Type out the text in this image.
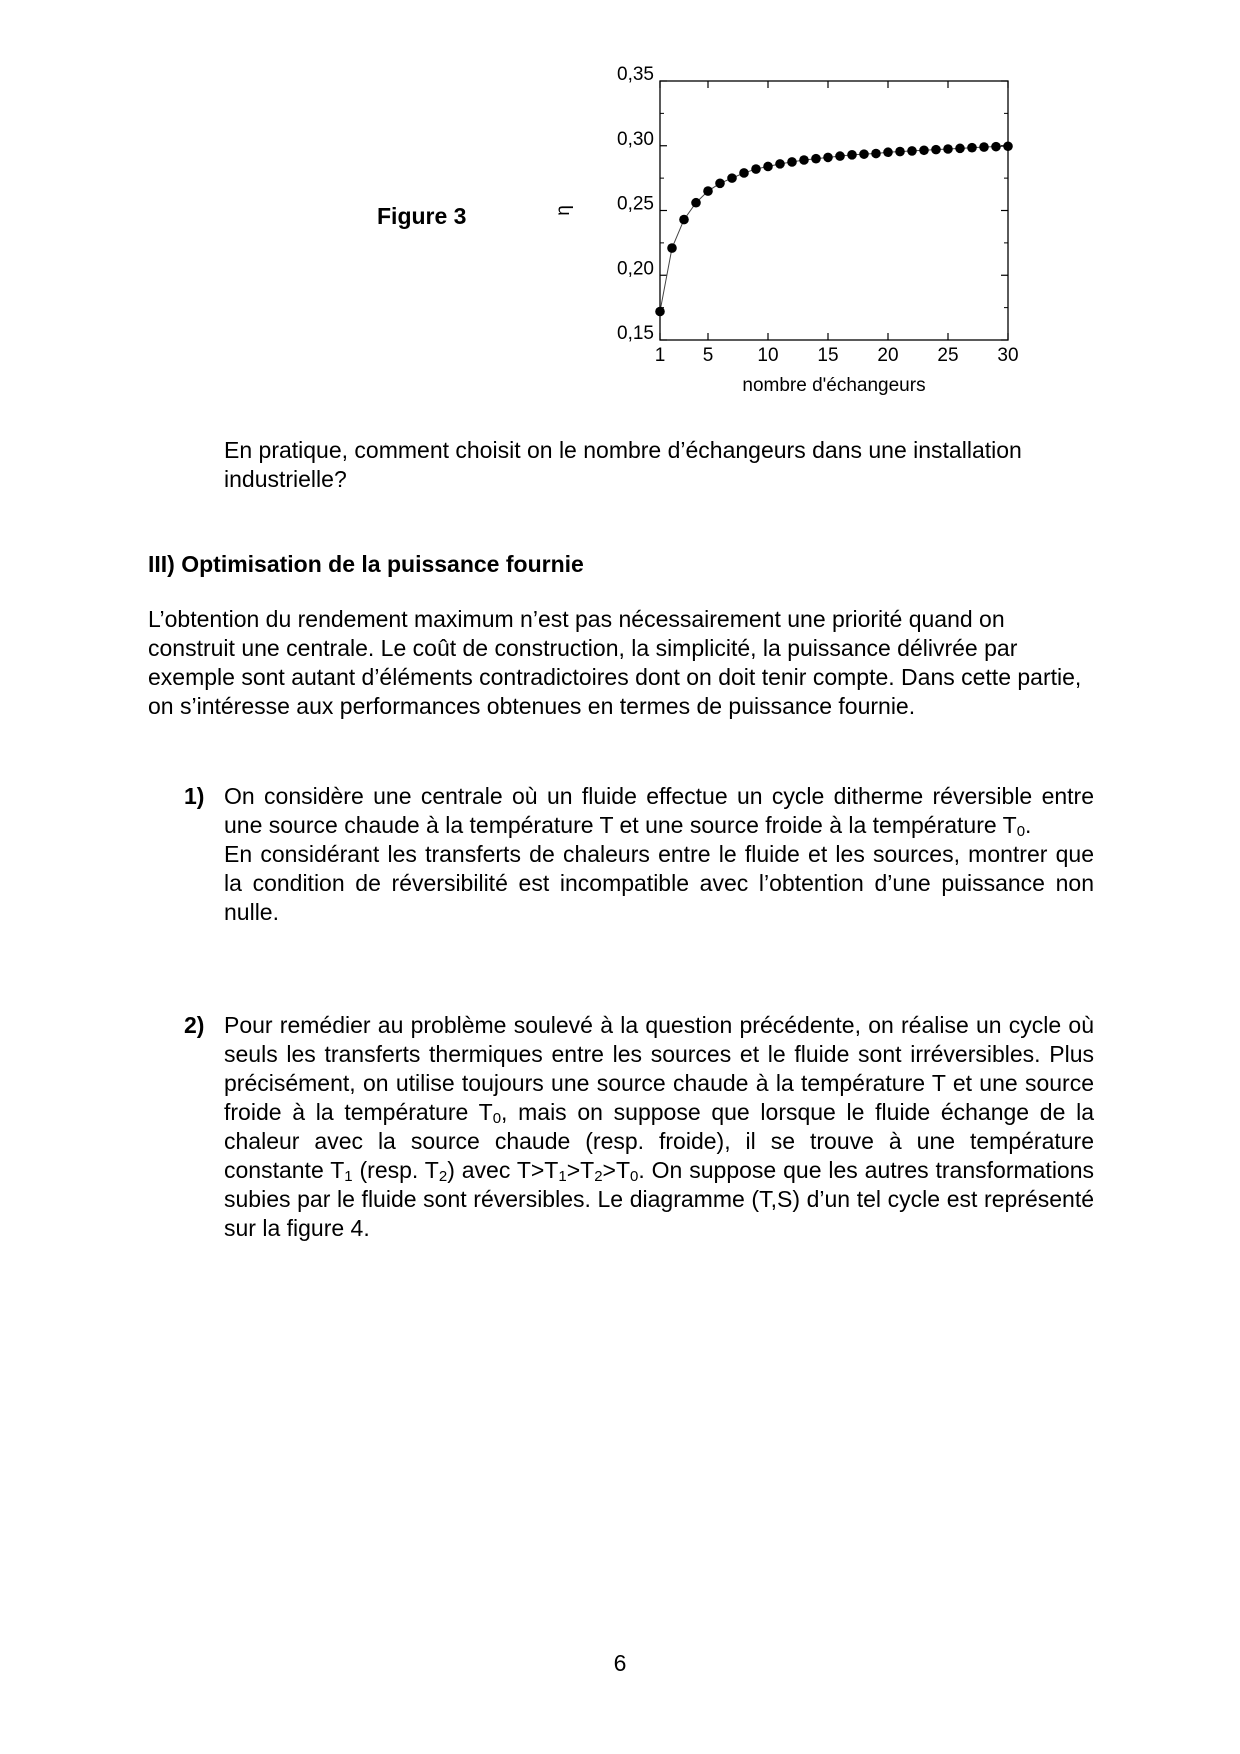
Figure 3
0,15
0,20
0,25
0,30
0,35
1 5 10 15 20 25 30
nombre d'échangeurs
η

En pratique, comment choisit on le nombre d’échangeurs dans une installation industrielle?

III) Optimisation de la puissance fournie

L’obtention du rendement maximum n’est pas nécessairement une priorité quand on construit une centrale. Le coût de construction, la simplicité, la puissance délivrée par exemple sont autant d’éléments contradictoires dont on doit tenir compte. Dans cette partie, on s’intéresse aux performances obtenues en termes de puissance fournie.

1) On considère une centrale où un fluide effectue un cycle ditherme réversible entre une source chaude à la température T et une source froide à la température $T_0$.

En considérant les transferts de chaleurs entre le fluide et les sources, montrer que la condition de réversibilité est incompatible avec l’obtention d’une puissance non nulle.

2) Pour remédier au problème soulevé à la question précédente, on réalise un cycle où seuls les transferts thermiques entre les sources et le fluide sont irréversibles. Plus précisément, on utilise toujours une source chaude à la température T et une source froide à la température $T_0$, mais on suppose que lorsque le fluide échange de la chaleur avec la source chaude (resp. froide), il se trouve à une température constante $T_1$ (resp. $T_2$) avec $T>T_1>T_2>T_0$. On suppose que les autres transformations subies par le fluide sont réversibles. Le diagramme (T,S) d’un tel cycle est représenté sur la figure 4.

6
